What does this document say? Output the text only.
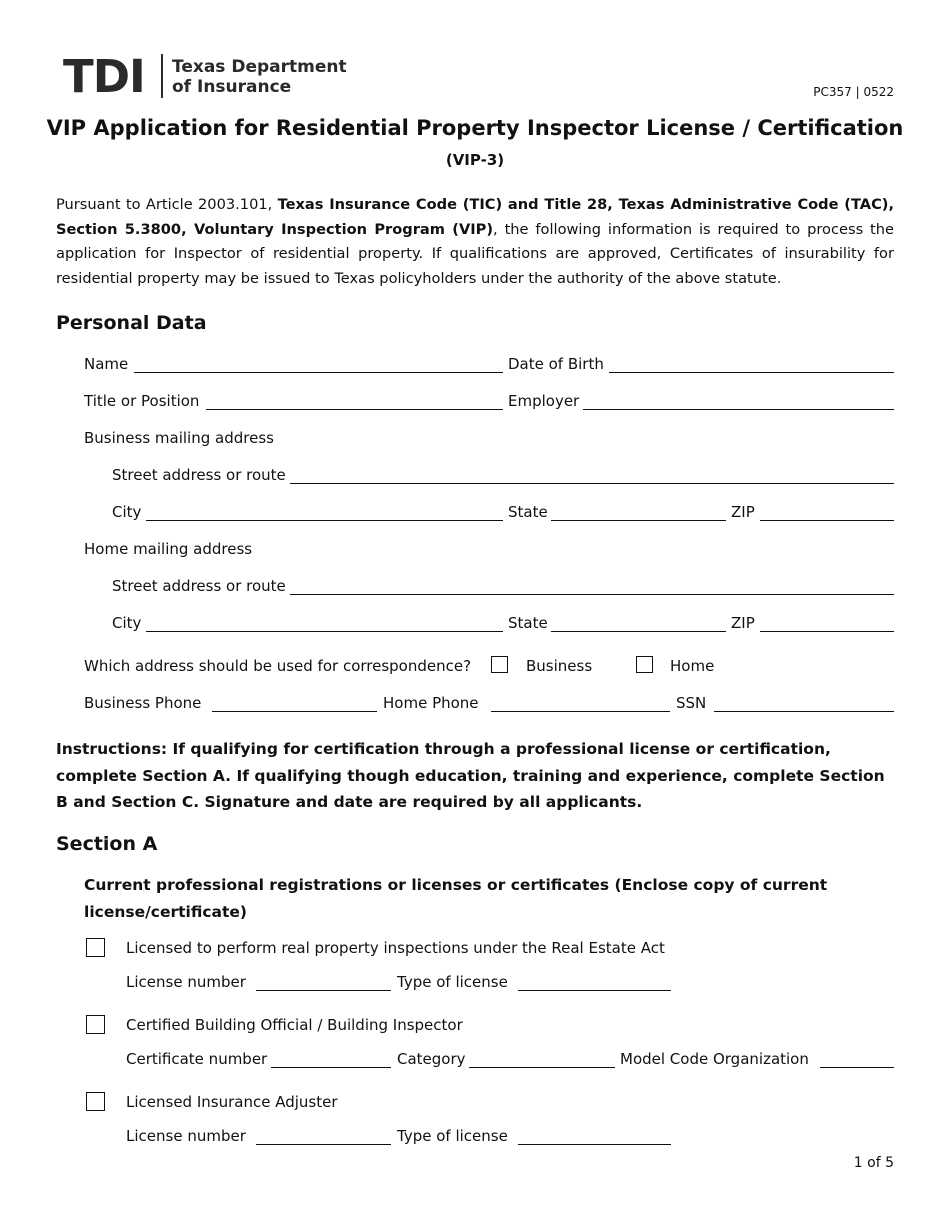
TDI Texas Department
of Insurance	PC357 | 0522
VIP Application for Residential Property Inspector License / Certification
(VIP-3)
Pursuant to Article 2003.101, Texas Insurance Code (TIC) and Title 28, Texas Administrative Code (TAC), Section 5.3800, Voluntary Inspection Program (VIP), the following information is required to process the application for Inspector of residential property. If qualifications are approved, Certificates of insurability for residential property may be issued to Texas policyholders under the authority of the above statute.
Personal Data
Name	Date of Birth
Title or Position	Employer
Business mailing address
Street address or route
City	State	ZIP
Home mailing address
Street address or route
City	State	ZIP
Which address should be used for correspondence?	Business	Home
Business Phone	Home Phone	SSN
Instructions: If qualifying for certification through a professional license or certification, complete Section A. If qualifying though education, training and experience, complete Section B and Section C. Signature and date are required by all applicants.
Section A
Current professional registrations or licenses or certificates (Enclose copy of current license/certificate)
Licensed to perform real property inspections under the Real Estate Act
License number	Type of license
Certified Building Official / Building Inspector
Certificate number	Category	Model Code Organization
Licensed Insurance Adjuster
License number	Type of license
1 of 5
